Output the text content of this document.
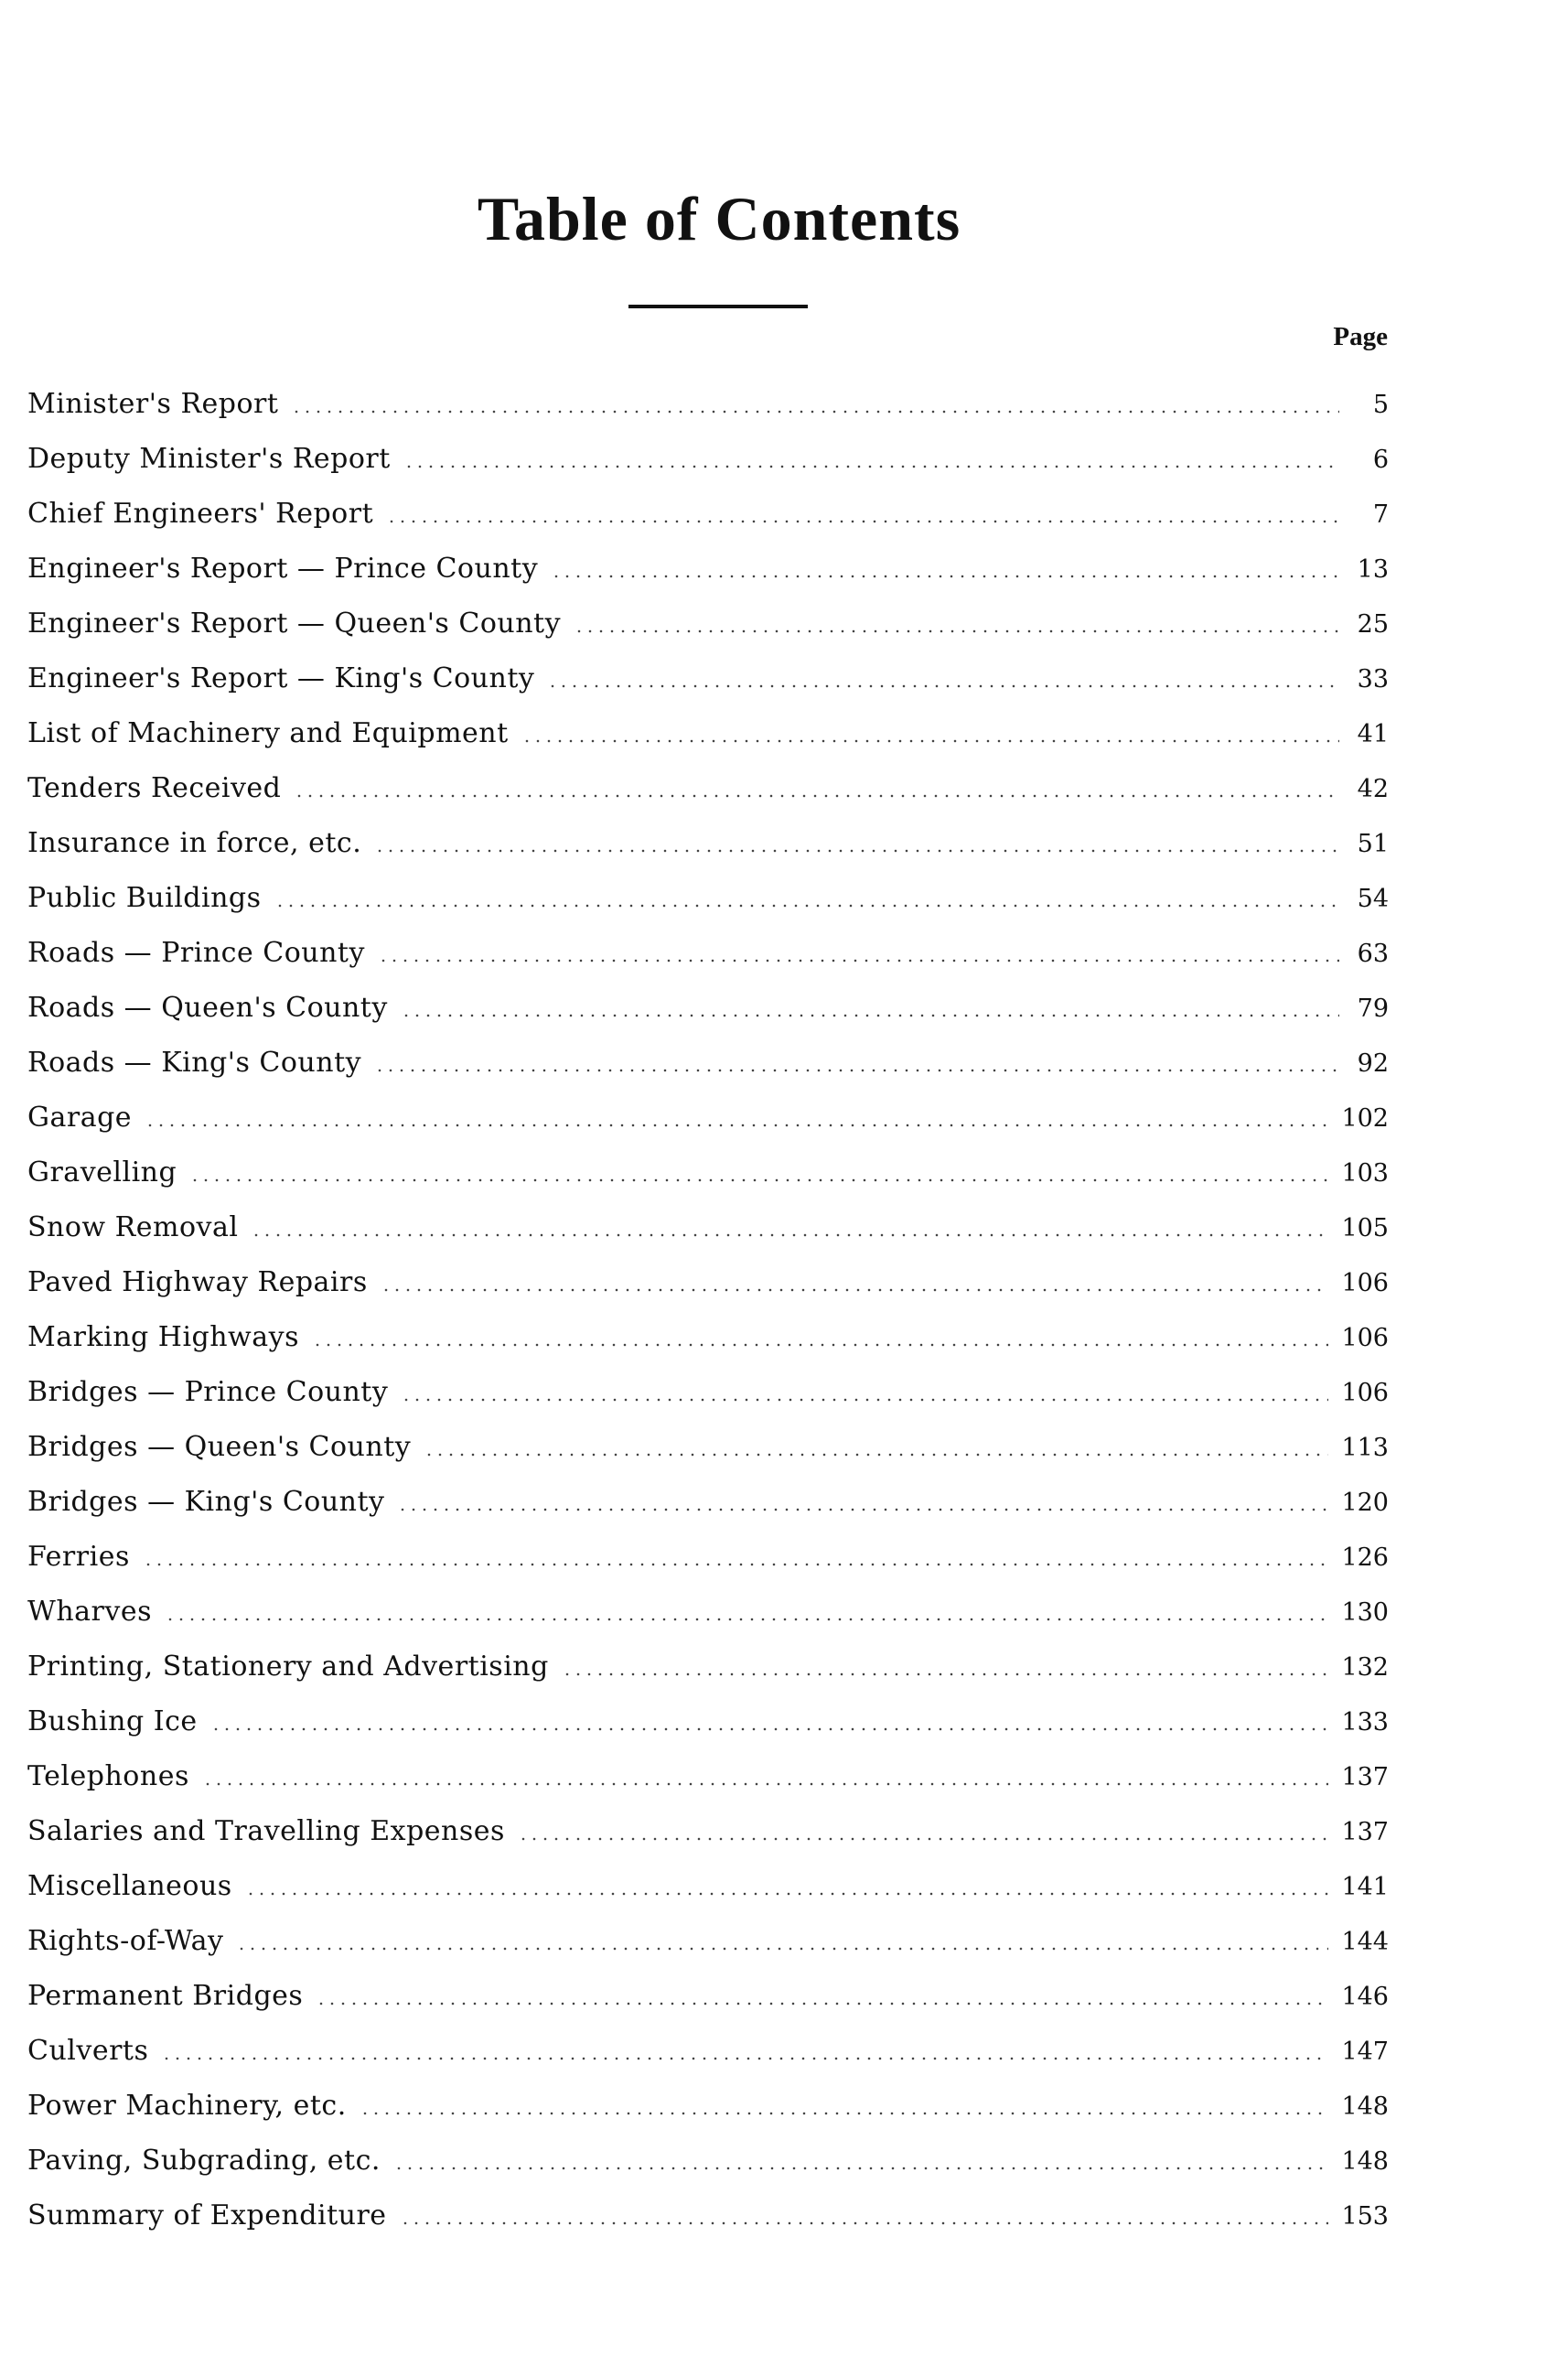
Table of Contents
Page
Minister's Report	5
Deputy Minister's Report	6
Chief Engineers' Report	7
Engineer's Report — Prince County	13
Engineer's Report — Queen's County	25
Engineer's Report — King's County	33
List of Machinery and Equipment	41
Tenders Received	42
Insurance in force, etc.	51
Public Buildings	54
Roads — Prince County	63
Roads — Queen's County	79
Roads — King's County	92
Garage	102
Gravelling	103
Snow Removal	105
Paved Highway Repairs	106
Marking Highways	106
Bridges — Prince County	106
Bridges — Queen's County	113
Bridges — King's County	120
Ferries	126
Wharves	130
Printing, Stationery and Advertising	132
Bushing Ice	133
Telephones	137
Salaries and Travelling Expenses	137
Miscellaneous	141
Rights-of-Way	144
Permanent Bridges	146
Culverts	147
Power Machinery, etc.	148
Paving, Subgrading, etc.	148
Summary of Expenditure	153
